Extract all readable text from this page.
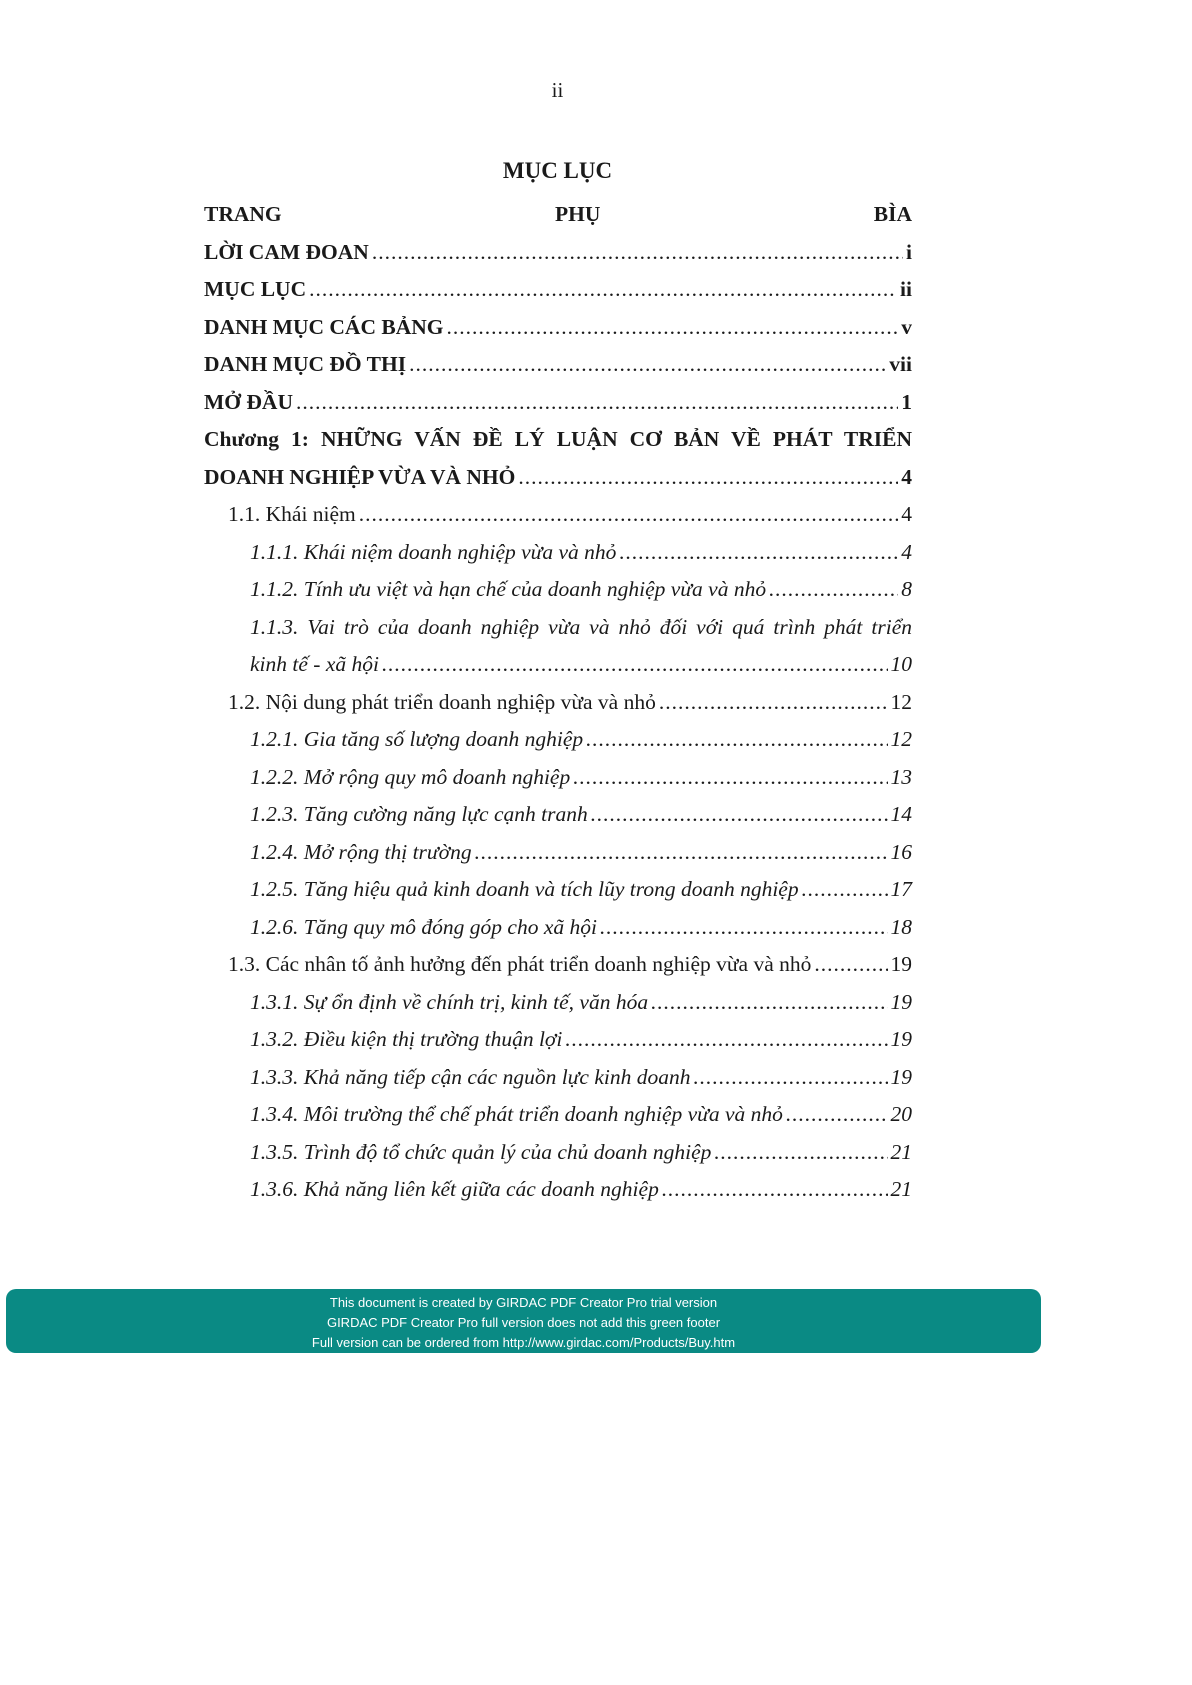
ii
MỤC LỤC
TRANG PHỤ BÌA
LỜI CAM ĐOAN .....	i
MỤC LỤC .....	ii
DANH MỤC CÁC BẢNG .....	v
DANH MỤC ĐỒ THỊ .....	vii
MỞ ĐẦU .....	1
Chương 1: NHỮNG VẤN ĐỀ LÝ LUẬN CƠ BẢN VỀ PHÁT TRIỂN
DOANH NGHIỆP VỪA VÀ NHỎ .....	4
1.1. Khái niệm .....	4
1.1.1. Khái niệm doanh nghiệp vừa và nhỏ .....	4
1.1.2. Tính ưu việt và hạn chế của doanh nghiệp vừa và nhỏ .....	8
1.1.3. Vai trò của doanh nghiệp vừa và nhỏ đối với quá trình phát triển
kinh tế - xã hội .....	10
1.2. Nội dung phát triển doanh nghiệp vừa và nhỏ .....	12
1.2.1. Gia tăng số lượng doanh nghiệp .....	12
1.2.2. Mở rộng quy mô doanh nghiệp .....	13
1.2.3. Tăng cường năng lực cạnh tranh .....	14
1.2.4. Mở rộng thị trường .....	16
1.2.5. Tăng hiệu quả kinh doanh và tích lũy trong doanh nghiệp .....	17
1.2.6. Tăng quy mô đóng góp cho xã hội .....	18
1.3. Các nhân tố ảnh hưởng đến phát triển doanh nghiệp vừa và nhỏ .....	19
1.3.1. Sự ổn định về chính trị, kinh tế, văn hóa .....	19
1.3.2. Điều kiện thị trường thuận lợi .....	19
1.3.3. Khả năng tiếp cận các nguồn lực kinh doanh .....	19
1.3.4. Môi trường thể chế phát triển doanh nghiệp vừa và nhỏ .....	20
1.3.5. Trình độ tổ chức quản lý của chủ doanh nghiệp .....	21
1.3.6. Khả năng liên kết giữa các doanh nghiệp .....	21
This document is created by GIRDAC PDF Creator Pro trial version
GIRDAC PDF Creator Pro full version does not add this green footer
Full version can be ordered from http://www.girdac.com/Products/Buy.htm
